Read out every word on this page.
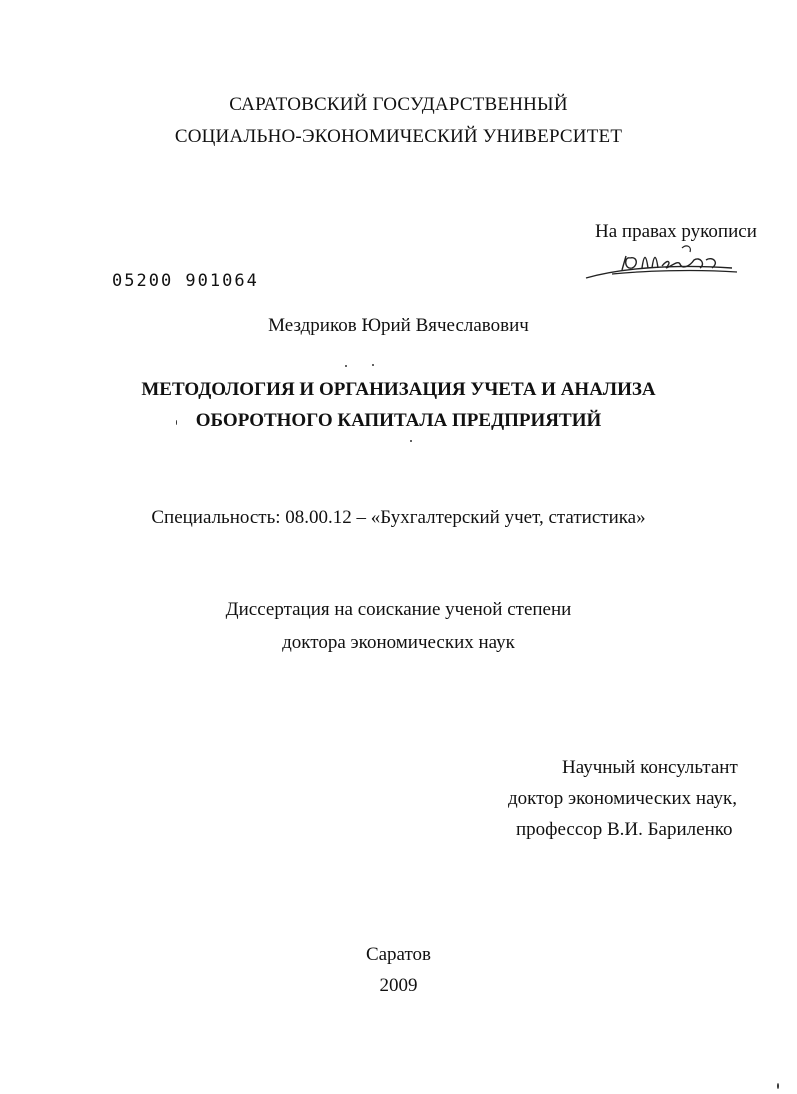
САРАТОВСКИЙ ГОСУДАРСТВЕННЫЙ
СОЦИАЛЬНО-ЭКОНОМИЧЕСКИЙ УНИВЕРСИТЕТ
На правах рукописи
05200 901064
Мездриков Юрий Вячеславович
МЕТОДОЛОГИЯ И ОРГАНИЗАЦИЯ УЧЕТА И АНАЛИЗА
ОБОРОТНОГО КАПИТАЛА ПРЕДПРИЯТИЙ
Специальность: 08.00.12 – «Бухгалтерский учет, статистика»
Диссертация на соискание ученой степени
доктора экономических наук
Научный консультант
доктор экономических наук,
профессор В.И. Бариленко
Саратов
2009
